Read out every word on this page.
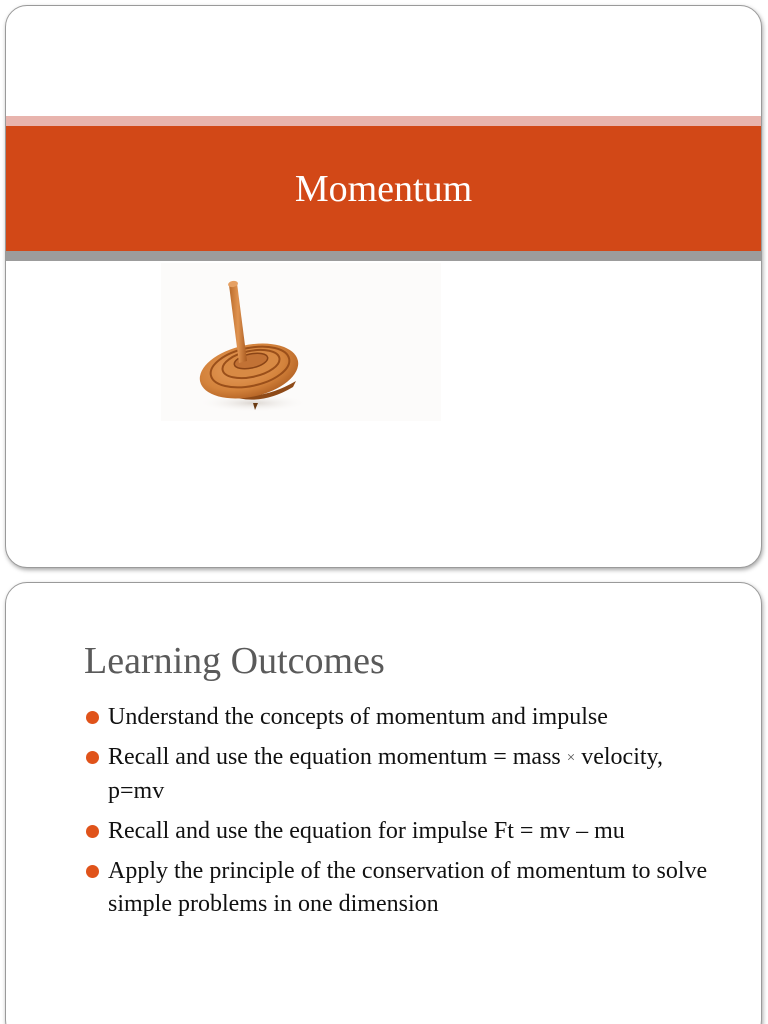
Momentum
Learning Outcomes
Understand the concepts of momentum and impulse
Recall and use the equation momentum = mass × velocity, p=mv
Recall and use the equation for impulse Ft = mv – mu
Apply the principle of the conservation of momentum to solve simple problems in one dimension
